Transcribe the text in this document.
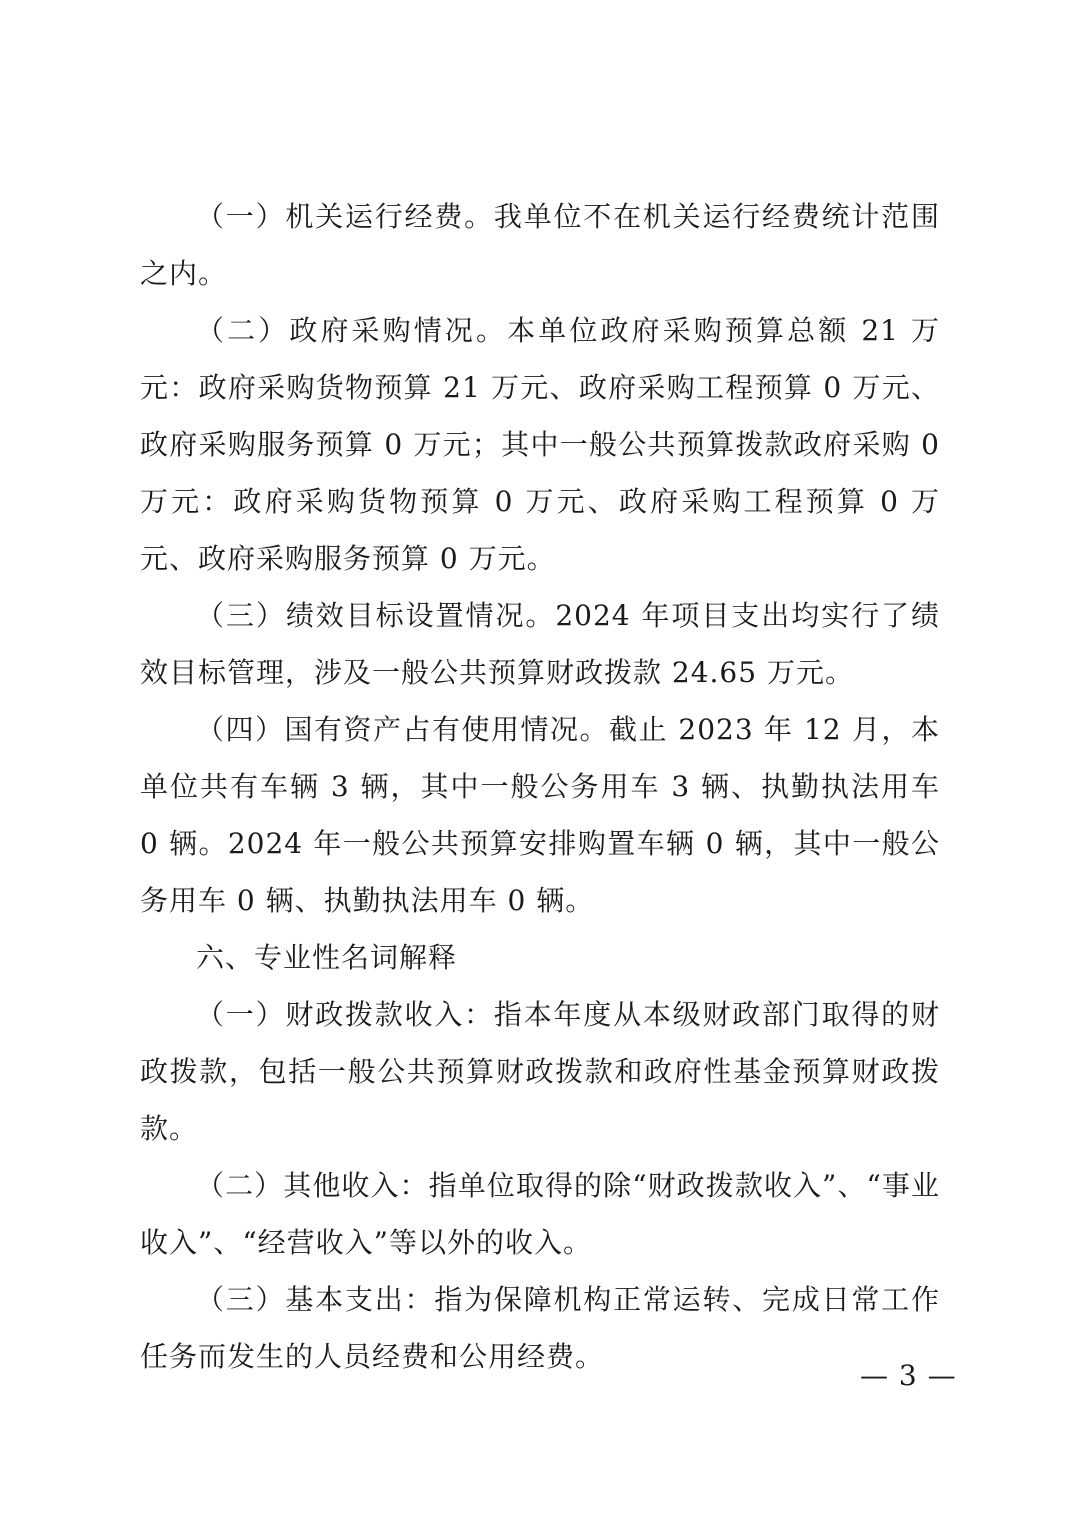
（一）机关运行经费。我单位不在机关运行经费统计范围之内。

（二）政府采购情况。本单位政府采购预算总额 21 万元：政府采购货物预算 21 万元、政府采购工程预算 0 万元、政府采购服务预算 0 万元；其中一般公共预算拨款政府采购 0 万元：政府采购货物预算 0 万元、政府采购工程预算 0 万元、政府采购服务预算 0 万元。

（三）绩效目标设置情况。2024 年项目支出均实行了绩效目标管理，涉及一般公共预算财政拨款 24.65 万元。

（四）国有资产占有使用情况。截止 2023 年 12 月，本单位共有车辆 3 辆，其中一般公务用车 3 辆、执勤执法用车 0 辆。2024 年一般公共预算安排购置车辆 0 辆，其中一般公务用车 0 辆、执勤执法用车 0 辆。

六、专业性名词解释

（一）财政拨款收入：指本年度从本级财政部门取得的财政拨款，包括一般公共预算财政拨款和政府性基金预算财政拨款。

（二）其他收入：指单位取得的除“财政拨款收入”、“事业收入”、“经营收入”等以外的收入。

（三）基本支出：指为保障机构正常运转、完成日常工作任务而发生的人员经费和公用经费。

— 3 —
